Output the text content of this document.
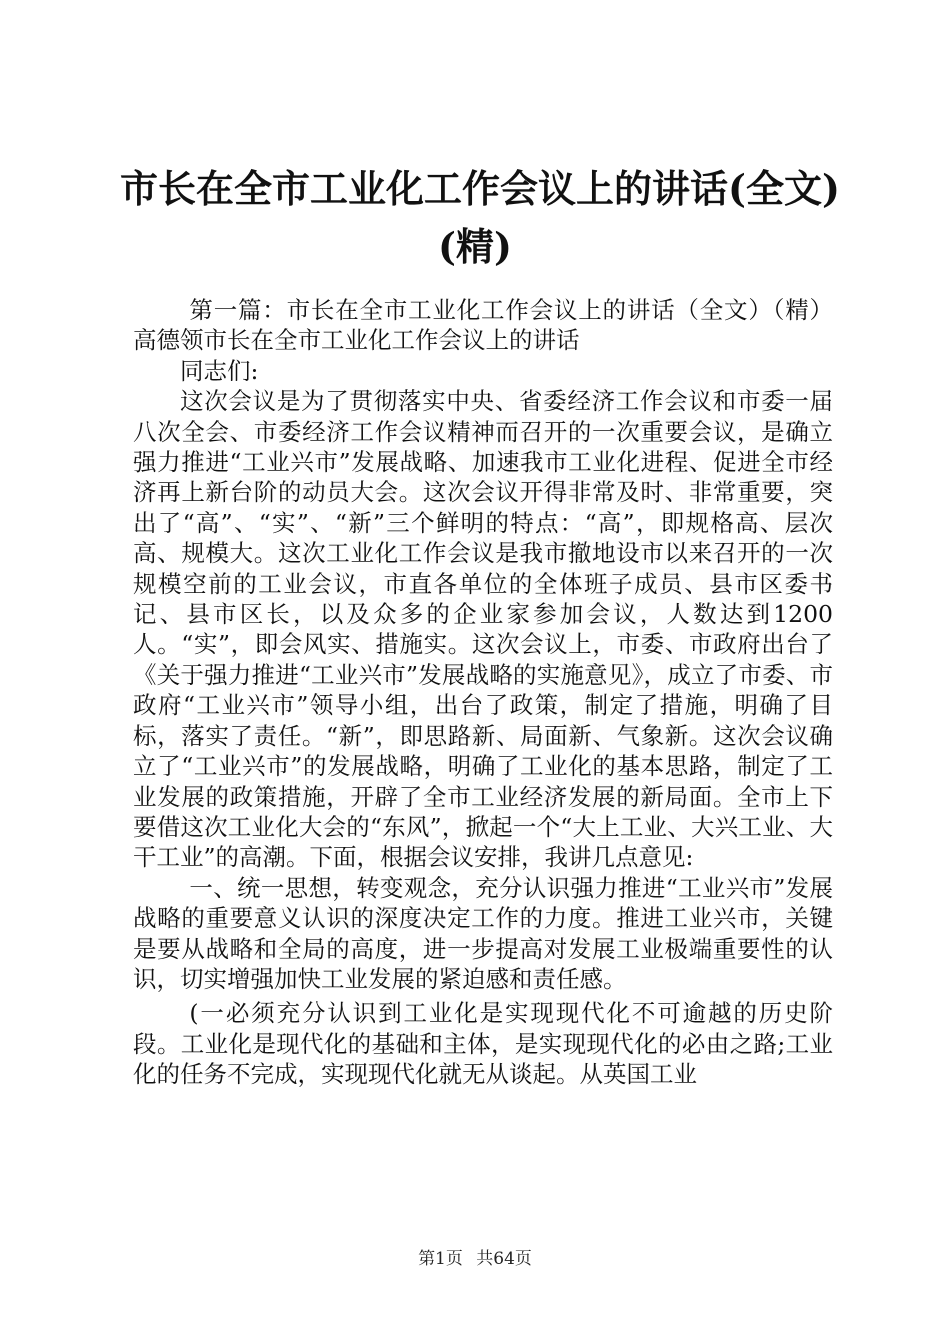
市长在全市工业化工作会议上的讲话(全文)
(精)

第一篇：市长在全市工业化工作会议上的讲话（全文）（精）高德领市长在全市工业化工作会议上的讲话

同志们:

这次会议是为了贯彻落实中央、省委经济工作会议和市委一届八次全会、市委经济工作会议精神而召开的一次重要会议，是确立强力推进“工业兴市”发展战略、加速我市工业化进程、促进全市经济再上新台阶的动员大会。这次会议开得非常及时、非常重要，突出了“高”、“实”、“新”三个鲜明的特点：“高”，即规格高、层次高、规模大。这次工业化工作会议是我市撤地设市以来召开的一次规模空前的工业会议，市直各单位的全体班子成员、县市区委书记、县市区长，以及众多的企业家参加会议，人数达到1200人。“实”，即会风实、措施实。这次会议上，市委、市政府出台了《关于强力推进“工业兴市”发展战略的实施意见》，成立了市委、市政府“工业兴市”领导小组，出台了政策，制定了措施，明确了目标，落实了责任。“新”，即思路新、局面新、气象新。这次会议确立了“工业兴市”的发展战略，明确了工业化的基本思路，制定了工业发展的政策措施，开辟了全市工业经济发展的新局面。全市上下要借这次工业化大会的“东风”，掀起一个“大上工业、大兴工业、大干工业”的高潮。下面，根据会议安排，我讲几点意见:

一、统一思想，转变观念，充分认识强力推进“工业兴市”发展战略的重要意义认识的深度决定工作的力度。推进工业兴市，关键是要从战略和全局的高度，进一步提高对发展工业极端重要性的认识，切实增强加快工业发展的紧迫感和责任感。

(一必须充分认识到工业化是实现现代化不可逾越的历史阶段。工业化是现代化的基础和主体，是实现现代化的必由之路;工业化的任务不完成，实现现代化就无从谈起。从英国工业

第1页 共64页
